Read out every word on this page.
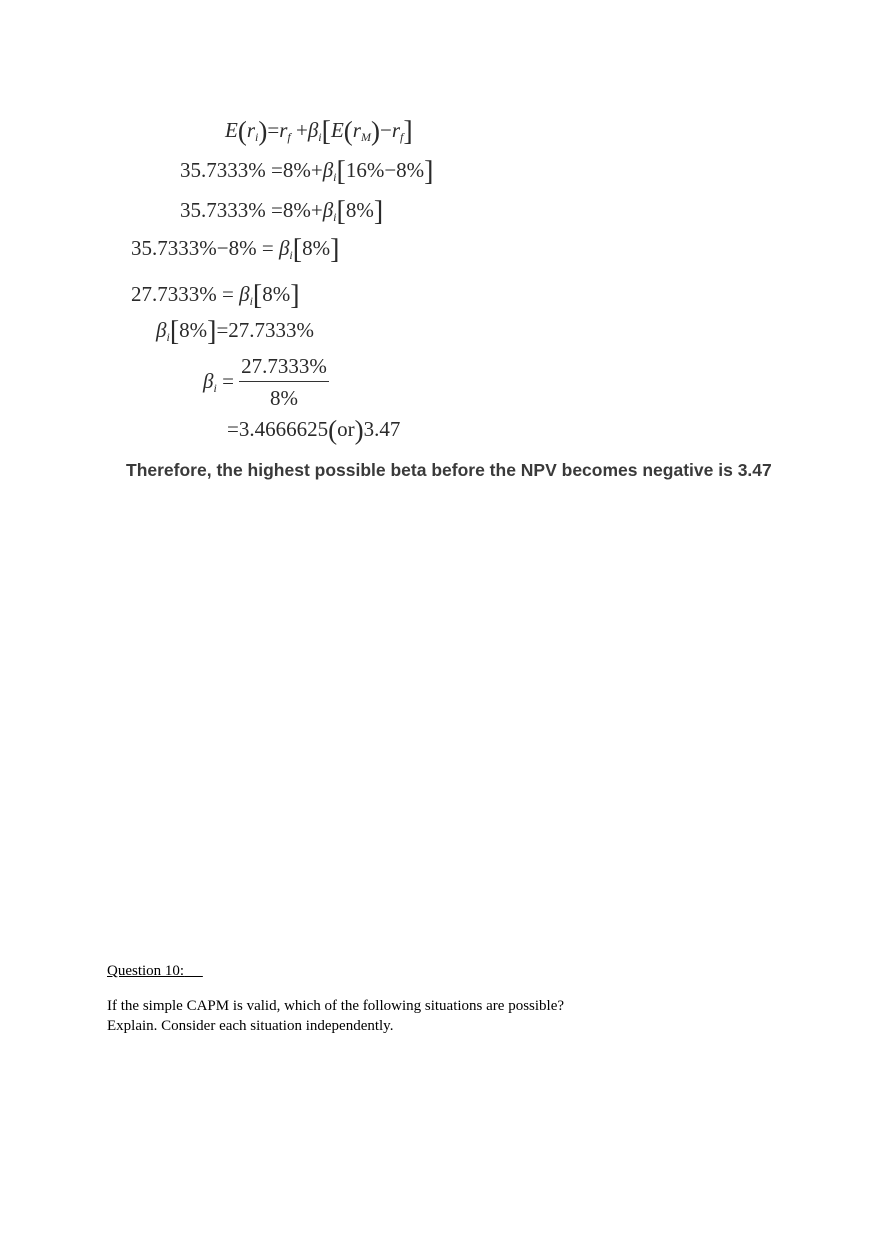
$E(r_i)=r_f +\beta_i[E(r_M)-r_f]$
$35.7333\% =8\%+\beta_i[16\%-8\%]$
$35.7333\% =8\%+\beta_i[8\%]$
$35.7333\%-8\% = \beta_i[8\%]$
$27.7333\% = \beta_i[8\%]$
$\beta_i[8\%]=27.7333\%$
$\beta_i = \frac{27.7333\%}{8\%}$
=3.4666625(or)3.47
Therefore, the highest possible beta before the NPV becomes negative is 3.47
Question 10:
If the simple CAPM is valid, which of the following situations are possible?
Explain. Consider each situation independently.
